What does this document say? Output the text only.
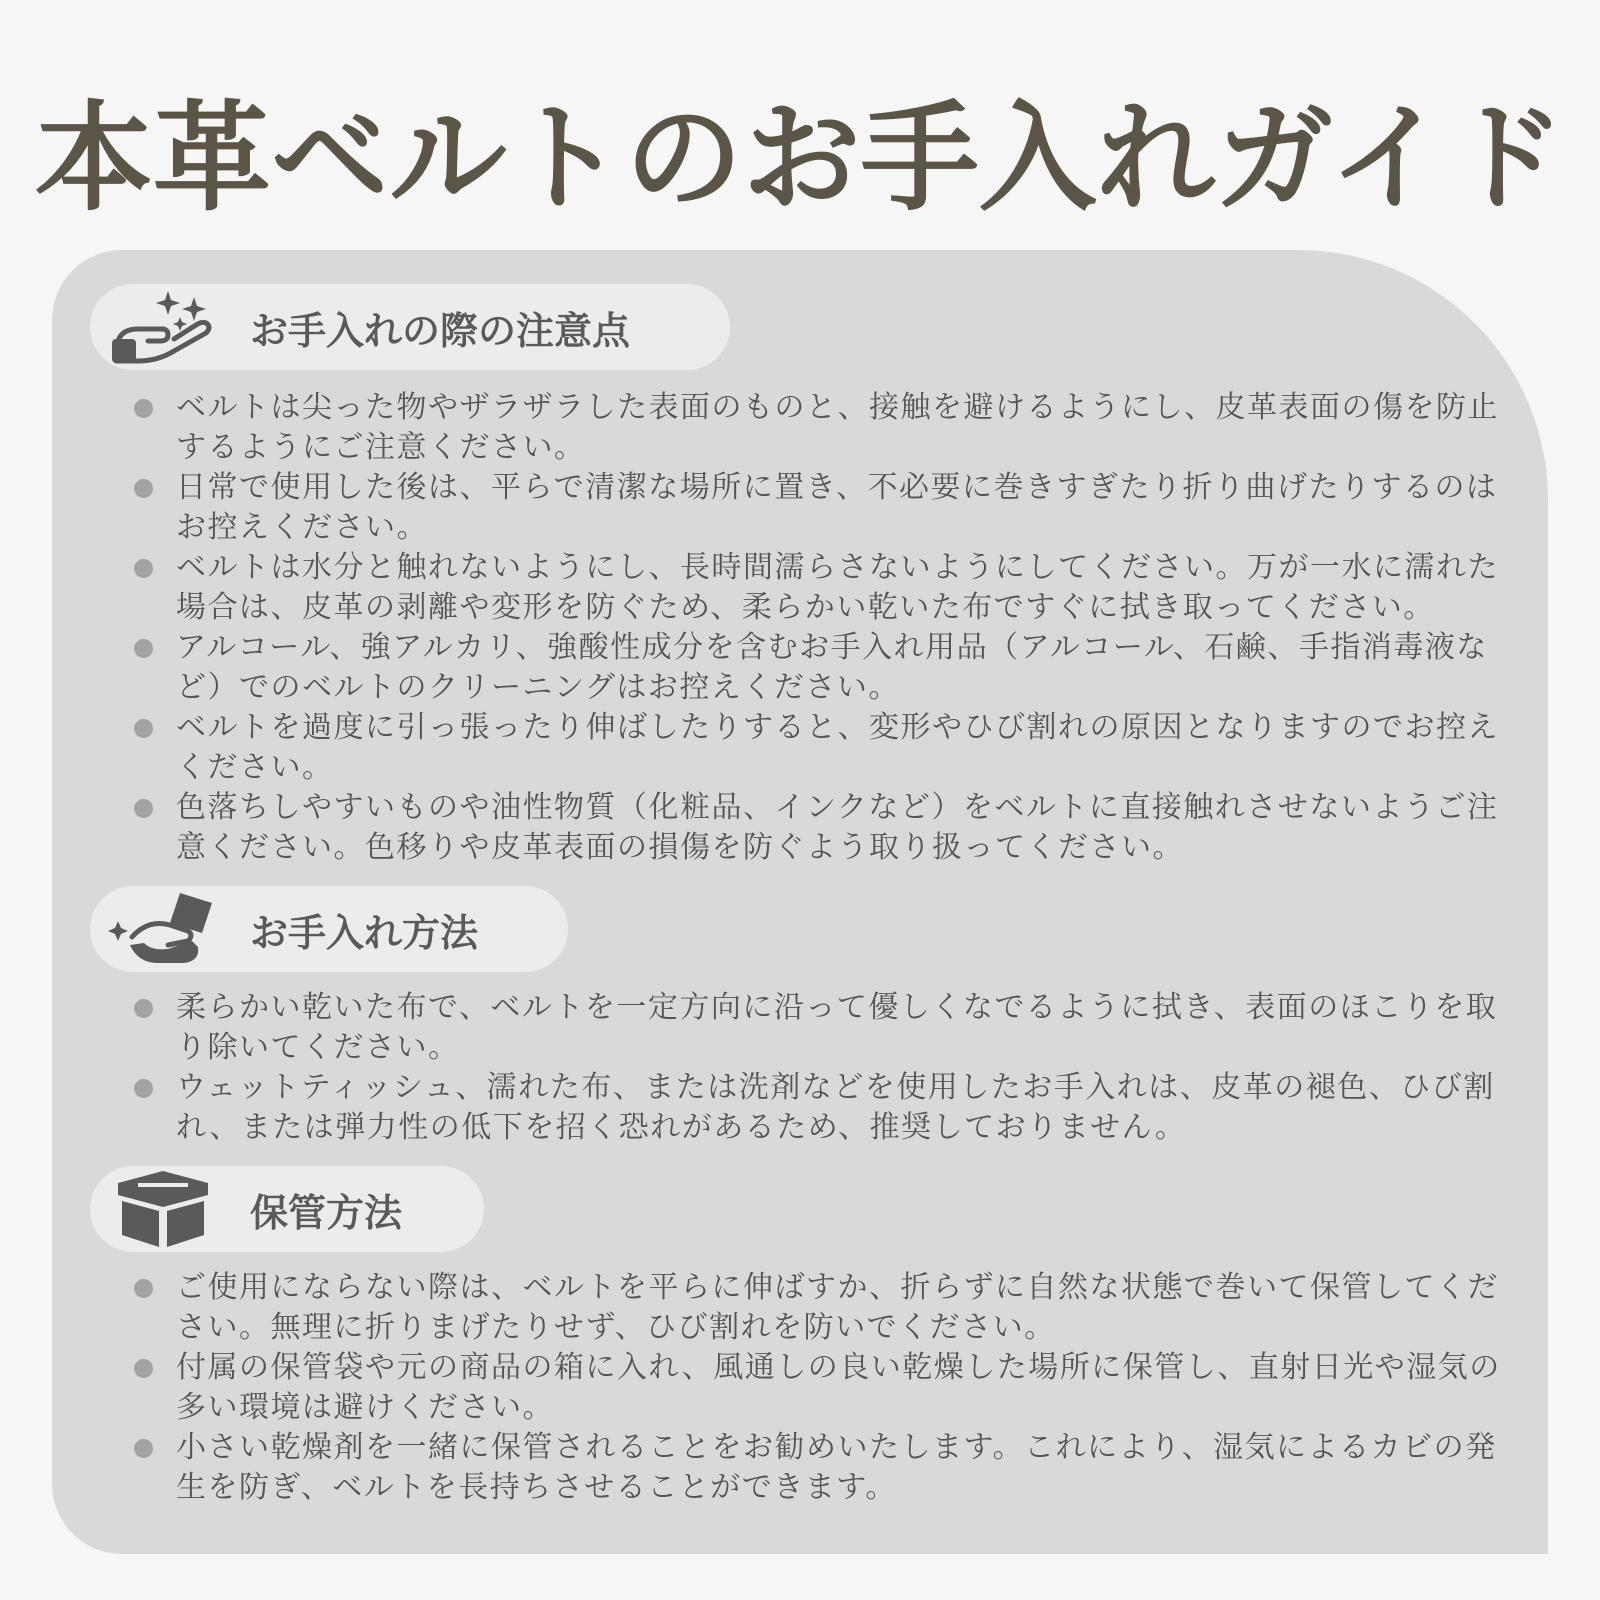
本革ベルトのお手入れガイド
お手入れの際の注意点
ベルトは尖った物やザラザラした表面のものと、接触を避けるようにし、皮革表面の傷を防止するようにご注意ください。
日常で使用した後は、平らで清潔な場所に置き、不必要に巻きすぎたり折り曲げたりするのはお控えください。
ベルトは水分と触れないようにし、長時間濡らさないようにしてください。万が一水に濡れた場合は、皮革の剥離や変形を防ぐため、柔らかい乾いた布ですぐに拭き取ってください。
アルコール、強アルカリ、強酸性成分を含むお手入れ用品（アルコール、石鹸、手指消毒液など）でのベルトのクリーニングはお控えください。
ベルトを過度に引っ張ったり伸ばしたりすると、変形やひび割れの原因となりますのでお控えください。
色落ちしやすいものや油性物質（化粧品、インクなど）をベルトに直接触れさせないようご注意ください。色移りや皮革表面の損傷を防ぐよう取り扱ってください。
お手入れ方法
柔らかい乾いた布で、ベルトを一定方向に沿って優しくなでるように拭き、表面のほこりを取り除いてください。
ウェットティッシュ、濡れた布、または洗剤などを使用したお手入れは、皮革の褪色、ひび割れ、または弾力性の低下を招く恐れがあるため、推奨しておりません。
保管方法
ご使用にならない際は、ベルトを平らに伸ばすか、折らずに自然な状態で巻いて保管してください。無理に折りまげたりせず、ひび割れを防いでください。
付属の保管袋や元の商品の箱に入れ、風通しの良い乾燥した場所に保管し、直射日光や湿気の多い環境は避けください。
小さい乾燥剤を一緒に保管されることをお勧めいたします。これにより、湿気によるカビの発生を防ぎ、ベルトを長持ちさせることができます。
